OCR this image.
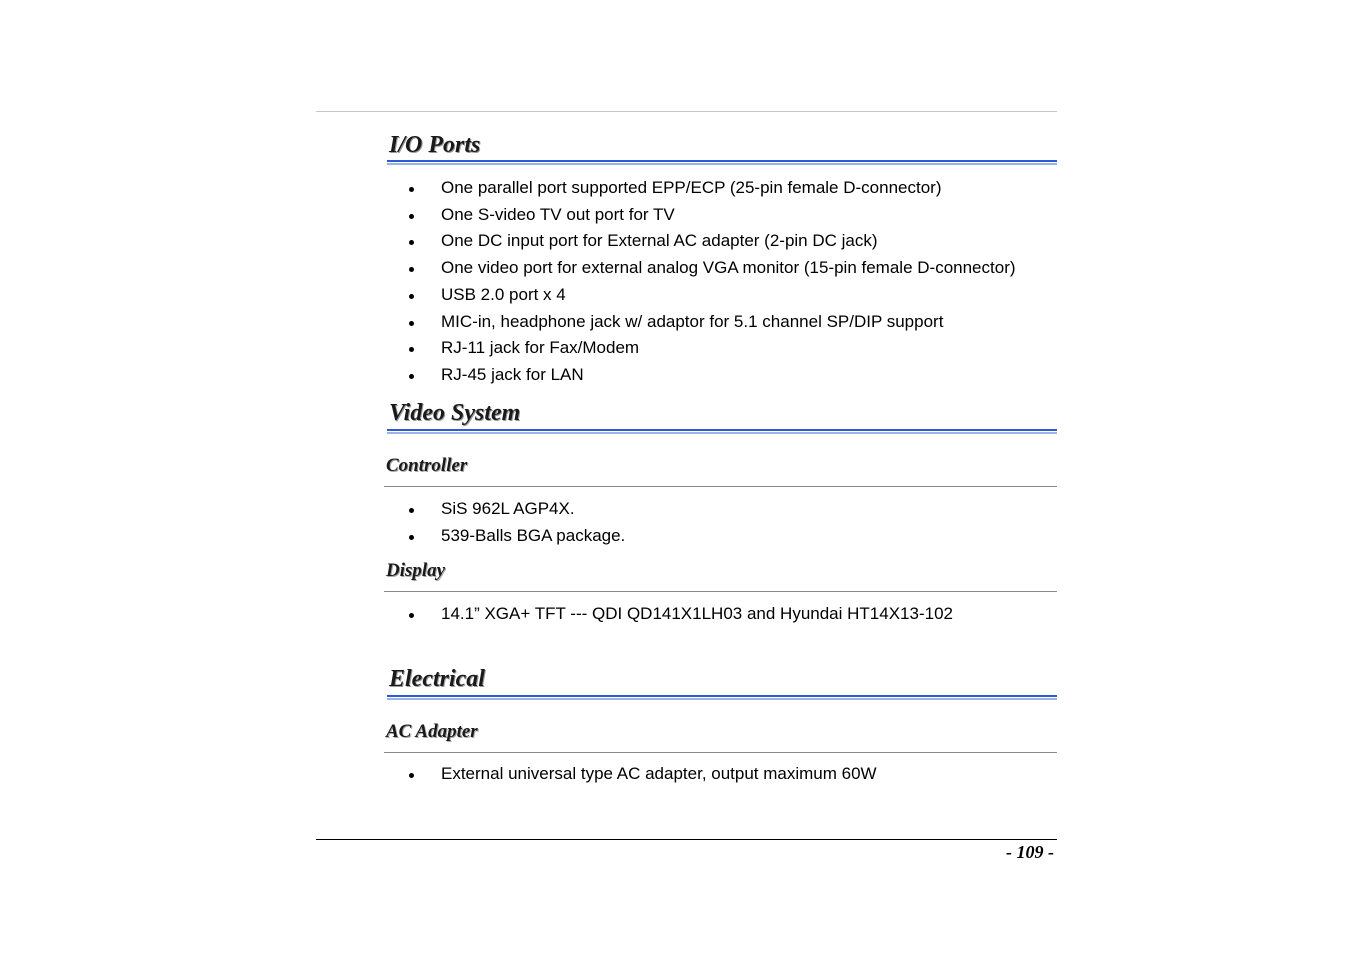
I/O Ports
One parallel port supported EPP/ECP (25-pin female D-connector)
One S-video TV out port for TV
One DC input port for External AC adapter (2-pin DC jack)
One video port for external analog VGA monitor (15-pin female D-connector)
USB 2.0 port x 4
MIC-in, headphone jack w/ adaptor for 5.1 channel SP/DIP support
RJ-11 jack for Fax/Modem
RJ-45 jack for LAN
Video System
Controller
SiS 962L AGP4X.
539-Balls BGA package.
Display
14.1” XGA+ TFT --- QDI QD141X1LH03 and Hyundai HT14X13-102
Electrical
AC Adapter
External universal type AC adapter, output maximum 60W
- 109 -
